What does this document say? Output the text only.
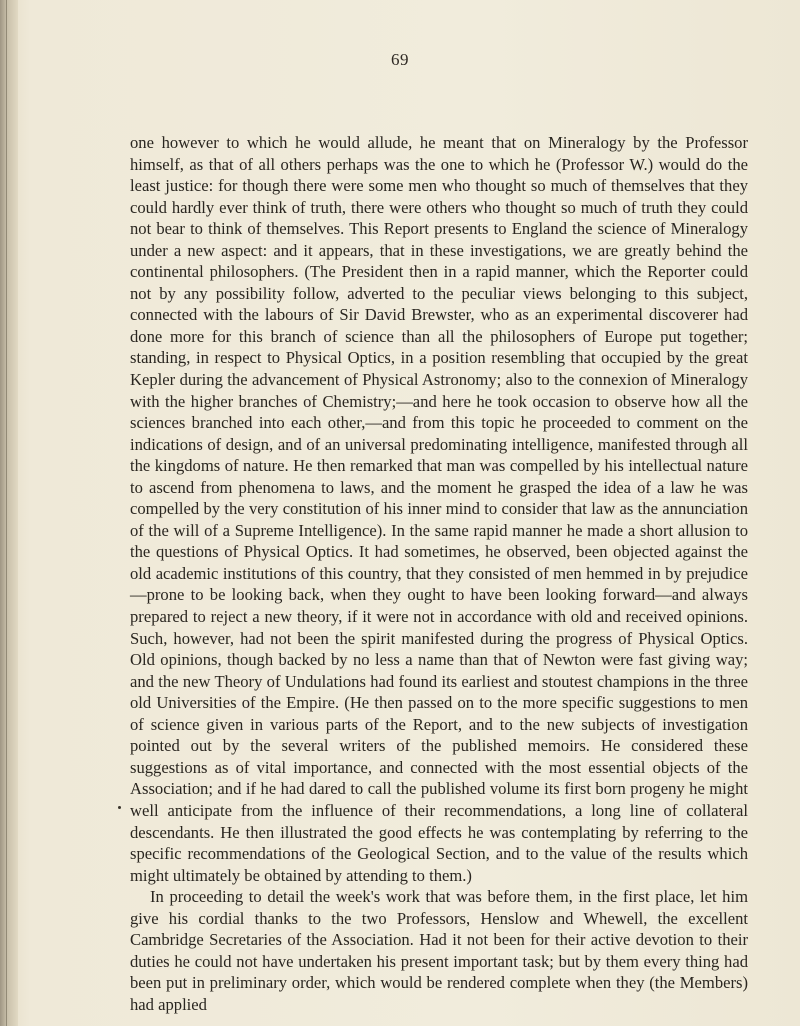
69

one however to which he would allude, he meant that on Mineralogy by the Professor himself, as that of all others perhaps was the one to which he (Professor W.) would do the least justice: for though there were some men who thought so much of themselves that they could hardly ever think of truth, there were others who thought so much of truth they could not bear to think of themselves. This Report presents to England the science of Mineralogy under a new aspect: and it appears, that in these investigations, we are greatly behind the continental philosophers. (The President then in a rapid manner, which the Reporter could not by any possibility follow, adverted to the peculiar views belonging to this subject, connected with the labours of Sir David Brewster, who as an experimental discoverer had done more for this branch of science than all the philosophers of Europe put together; standing, in respect to Physical Optics, in a position resembling that occupied by the great Kepler during the advancement of Physical Astronomy; also to the connexion of Mineralogy with the higher branches of Chemistry;—and here he took occasion to observe how all the sciences branched into each other,—and from this topic he proceeded to comment on the indications of design, and of an universal predominating intelligence, manifested through all the kingdoms of nature. He then remarked that man was compelled by his intellectual nature to ascend from phenomena to laws, and the moment he grasped the idea of a law he was compelled by the very constitution of his inner mind to consider that law as the annunciation of the will of a Supreme Intelligence). In the same rapid manner he made a short allusion to the questions of Physical Optics. It had sometimes, he observed, been objected against the old academic institutions of this country, that they consisted of men hemmed in by prejudice—prone to be looking back, when they ought to have been looking forward—and always prepared to reject a new theory, if it were not in accordance with old and received opinions. Such, however, had not been the spirit manifested during the progress of Physical Optics. Old opinions, though backed by no less a name than that of Newton were fast giving way; and the new Theory of Undulations had found its earliest and stoutest champions in the three old Universities of the Empire. (He then passed on to the more specific suggestions to men of science given in various parts of the Report, and to the new subjects of investigation pointed out by the several writers of the published memoirs. He considered these suggestions as of vital importance, and connected with the most essential objects of the Association; and if he had dared to call the published volume its first born progeny he might well anticipate from the influence of their recommendations, a long line of collateral descendants. He then illustrated the good effects he was contemplating by referring to the specific recommendations of the Geological Section, and to the value of the results which might ultimately be obtained by attending to them.)

In proceeding to detail the week's work that was before them, in the first place, let him give his cordial thanks to the two Professors, Henslow and Whewell, the excellent Cambridge Secretaries of the Association. Had it not been for their active devotion to their duties he could not have undertaken his present important task; but by them every thing had been put in preliminary order, which would be rendered complete when they (the Members) had applied
